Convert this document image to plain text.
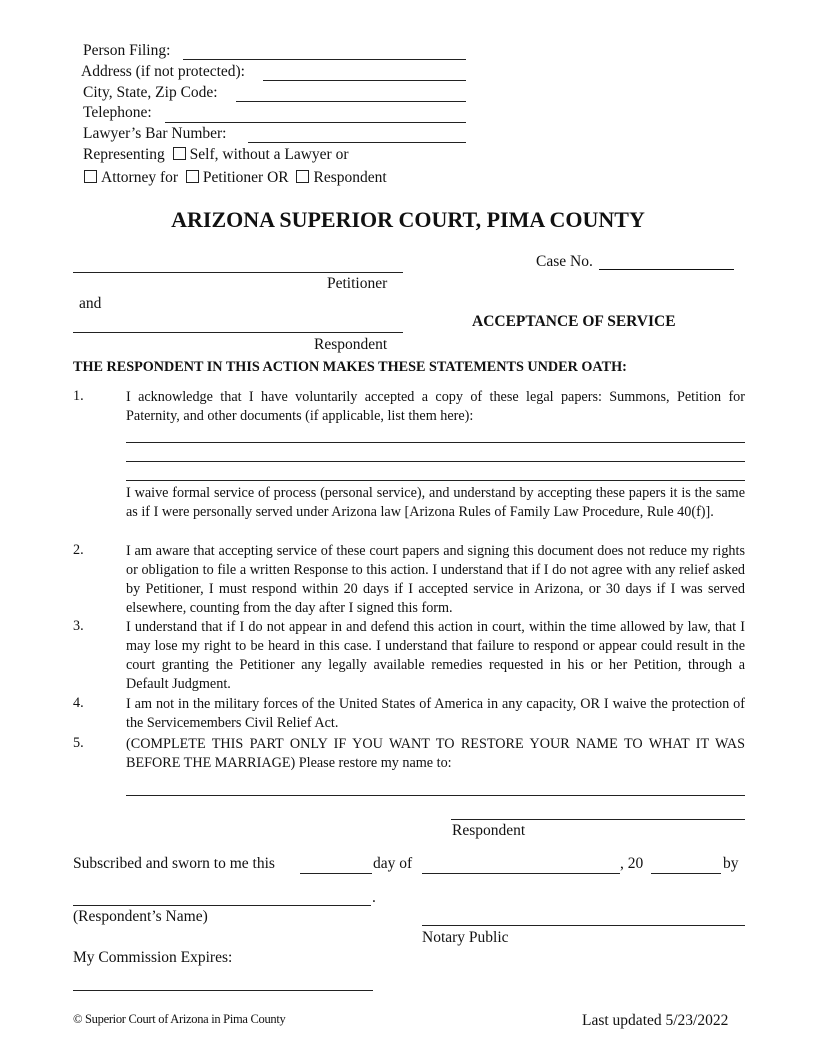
Person Filing:
Address (if not protected):
City, State, Zip Code:
Telephone:
Lawyer’s Bar Number:
Representing Self, without a Lawyer or
Attorney for Petitioner OR Respondent
ARIZONA SUPERIOR COURT, PIMA COUNTY
Petitioner
and
Respondent
Case No.
ACCEPTANCE OF SERVICE
THE RESPONDENT IN THIS ACTION MAKES THESE STATEMENTS UNDER OATH:
1.	I acknowledge that I have voluntarily accepted a copy of these legal papers: Summons, Petition for Paternity, and other documents (if applicable, list them here):
I waive formal service of process (personal service), and understand by accepting these papers it is the same as if I were personally served under Arizona law [Arizona Rules of Family Law Procedure, Rule 40(f)].
2.	I am aware that accepting service of these court papers and signing this document does not reduce my rights or obligation to file a written Response to this action. I understand that if I do not agree with any relief asked by Petitioner, I must respond within 20 days if I accepted service in Arizona, or 30 days if I was served elsewhere, counting from the day after I signed this form.
3.	I understand that if I do not appear in and defend this action in court, within the time allowed by law, that I may lose my right to be heard in this case. I understand that failure to respond or appear could result in the court granting the Petitioner any legally available remedies requested in his or her Petition, through a Default Judgment.
4.	I am not in the military forces of the United States of America in any capacity, OR I waive the protection of the Servicemembers Civil Relief Act.
5.	(COMPLETE THIS PART ONLY IF YOU WANT TO RESTORE YOUR NAME TO WHAT IT WAS BEFORE THE MARRIAGE) Please restore my name to:
Respondent
Subscribed and sworn to me this	day of	, 20	by
.
(Respondent’s Name)
Notary Public
My Commission Expires:
© Superior Court of Arizona in Pima County	Last updated 5/23/2022
